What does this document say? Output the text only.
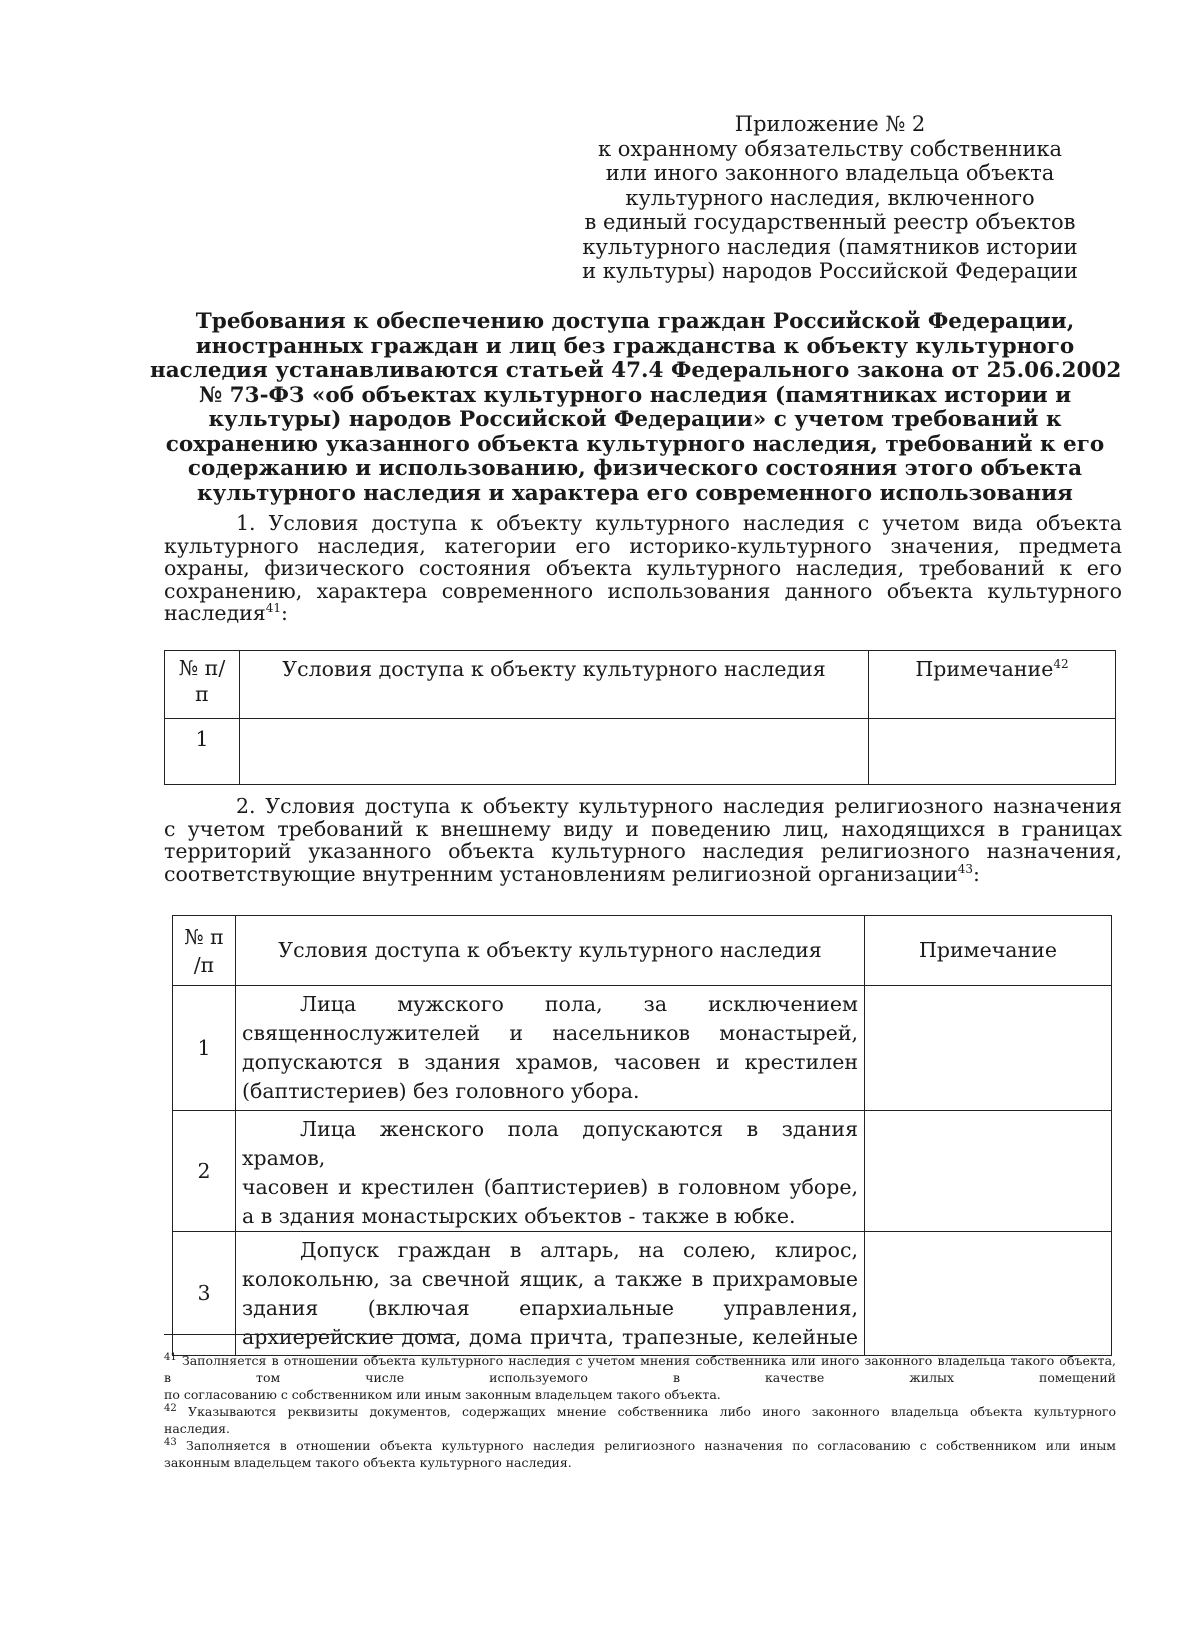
Приложение № 2
к охранному обязательству собственника
или иного законного владельца объекта
культурного наследия, включенного
в единый государственный реестр объектов
культурного наследия (памятников истории
и культуры) народов Российской Федерации
Требования к обеспечению доступа граждан Российской Федерации,
иностранных граждан и лиц без гражданства к объекту культурного
наследия устанавливаются статьей 47.4 Федерального закона от 25.06.2002
№ 73-ФЗ «об объектах культурного наследия (памятниках истории и
культуры) народов Российской Федерации» с учетом требований к
сохранению указанного объекта культурного наследия, требований к его
содержанию и использованию, физического состояния этого объекта
культурного наследия и характера его современного использования
1. Условия доступа к объекту культурного наследия с учетом вида объекта
культурного наследия, категории его историко-культурного значения, предмета
охраны, физического состояния объекта культурного наследия, требований к его
сохранению, характера современного использования данного объекта культурного
наследия$^{41}$:
№ п/
п	Условия доступа к объекту культурного наследия	Примечание$^{42}$

1		

2. Условия доступа к объекту культурного наследия религиозного назначения
с учетом требований к внешнему виду и поведению лиц, находящихся в границах
территорий указанного объекта культурного наследия религиозного назначения,
соответствующие внутренним установлениям религиозной организации$^{43}$:
№ п
/п	Условия доступа к объекту культурного наследия	Примечание
1	Лица мужского пола, за исключением
священнослужителей и насельников монастырей,
допускаются в здания храмов, часовен и крестилен
(баптистериев) без головного убора.	

2	Лица женского пола допускаются в здания храмов,
часовен и крестилен (баптистериев) в головном уборе,
а в здания монастырских объектов - также в юбке.	

3	Допуск граждан в алтарь, на солею, клирос,
колокольню, за свечной ящик, а также в прихрамовые
здания (включая епархиальные управления,
архиерейские дома, дома причта, трапезные, келейные	

$^{41}$ Заполняется в отношении объекта культурного наследия с учетом мнения собственника или иного законного владельца такого объекта,
в том числе используемого в качестве жилых помещений
по согласованию с собственником или иным законным владельцем такого объекта.
$^{42}$ Указываются реквизиты документов, содержащих мнение собственника либо иного законного владельца объекта культурного
наследия.
$^{43}$ Заполняется в отношении объекта культурного наследия религиозного назначения по согласованию с собственником или иным
законным владельцем такого объекта культурного наследия.
